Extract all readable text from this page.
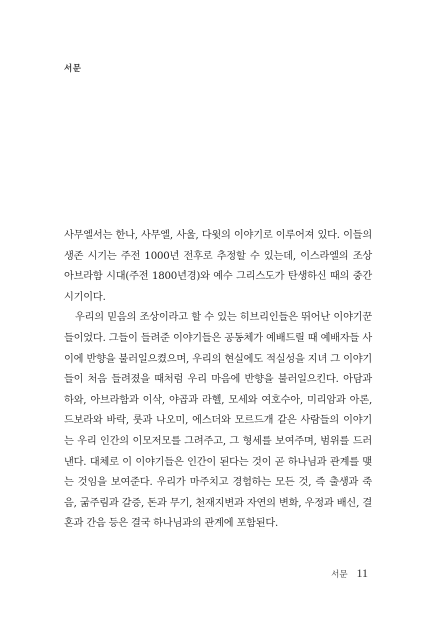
서문

사무엘서는 한나, 사무엘, 사울, 다윗의 이야기로 이루어져 있다. 이들의 생존 시기는 주전 1000년 전후로 추정할 수 있는데, 이스라엘의 조상 아브라함 시대(주전 1800년경)와 예수 그리스도가 탄생하신 때의 중간 시기이다.

우리의 믿음의 조상이라고 할 수 있는 히브리인들은 뛰어난 이야기꾼들이었다. 그들이 들려준 이야기들은 공동체가 예배드릴 때 예배자들 사이에 반향을 불러일으켰으며, 우리의 현실에도 적실성을 지녀 그 이야기들이 처음 들려졌을 때처럼 우리 마음에 반향을 불러일으킨다. 아담과 하와, 아브라함과 이삭, 야곱과 라헬, 모세와 여호수아, 미리암과 아론, 드보라와 바락, 룻과 나오미, 에스더와 모르드개 같은 사람들의 이야기는 우리 인간의 이모저모를 그려주고, 그 형세를 보여주며, 범위를 드러낸다. 대체로 이 이야기들은 인간이 된다는 것이 곧 하나님과 관계를 맺는 것임을 보여준다. 우리가 마주치고 경험하는 모든 것, 즉 출생과 죽음, 굶주림과 갈증, 돈과 무기, 천재지변과 자연의 변화, 우정과 배신, 결혼과 간음 등은 결국 하나님과의 관계에 포함된다.

서문 11
